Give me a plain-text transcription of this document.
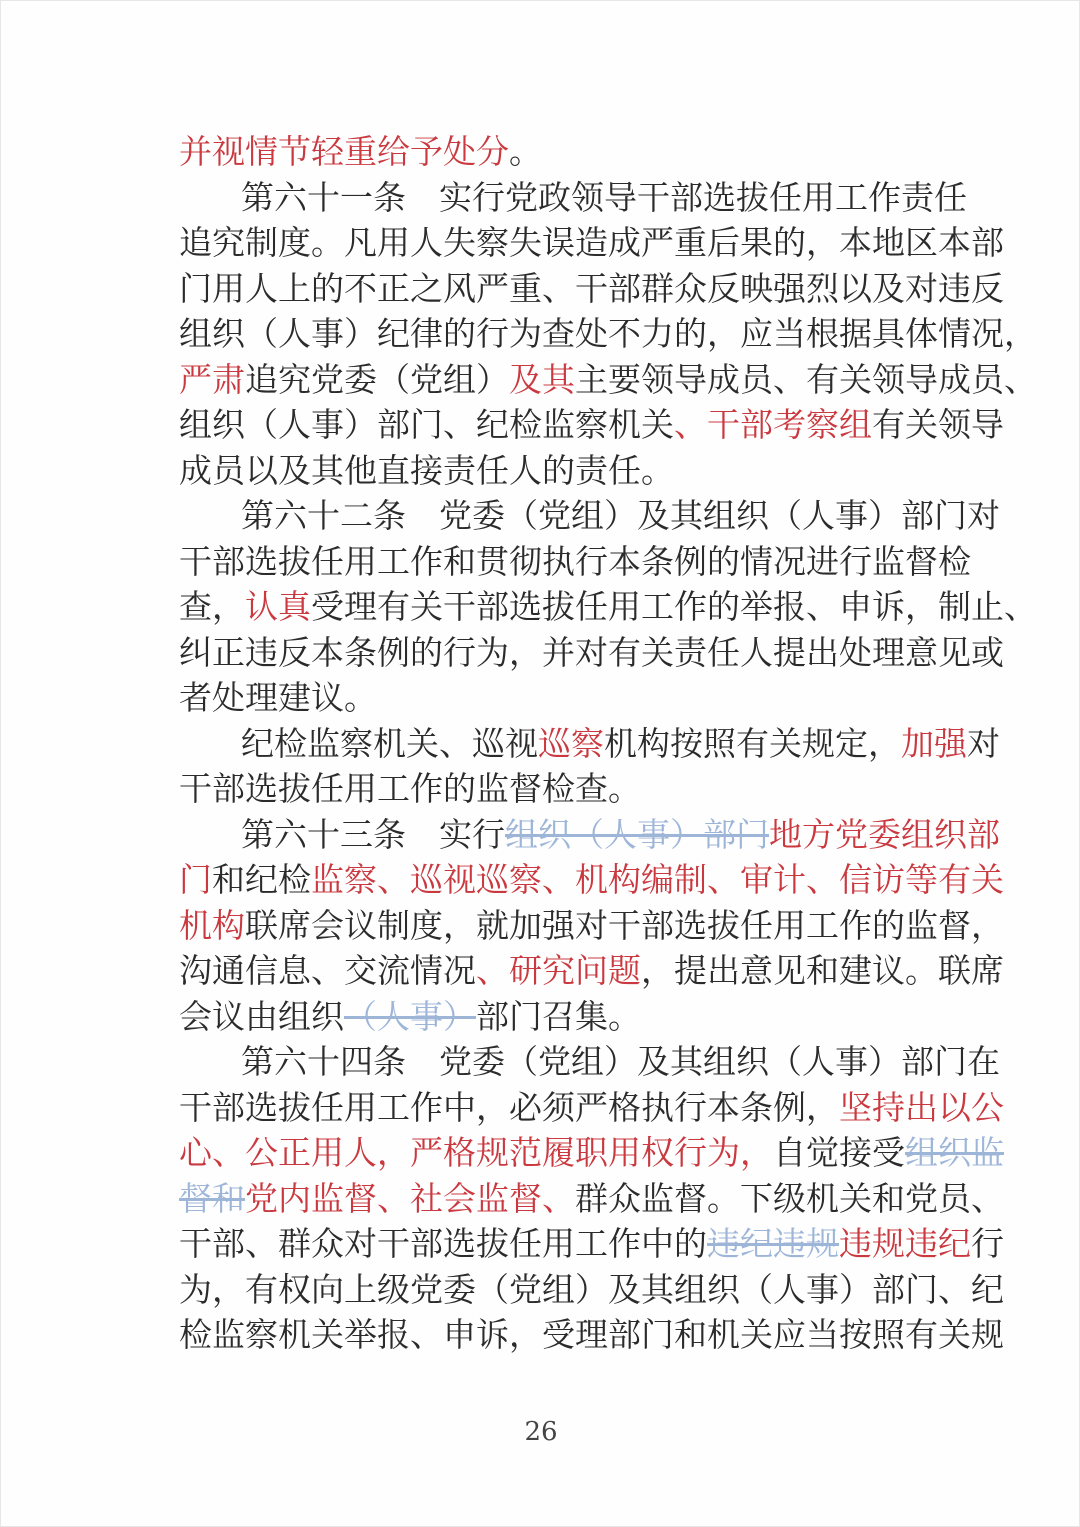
并视情节轻重给予处分。
第六十一条　实行党政领导干部选拔任用工作责任
追究制度。凡用人失察失误造成严重后果的，本地区本部
门用人上的不正之风严重、干部群众反映强烈以及对违反
组织（人事）纪律的行为查处不力的，应当根据具体情况，
严肃追究党委（党组）及其主要领导成员、有关领导成员、
组织（人事）部门、纪检监察机关、干部考察组有关领导
成员以及其他直接责任人的责任。
第六十二条　党委（党组）及其组织（人事）部门对
干部选拔任用工作和贯彻执行本条例的情况进行监督检
查，认真受理有关干部选拔任用工作的举报、申诉，制止、
纠正违反本条例的行为，并对有关责任人提出处理意见或
者处理建议。
纪检监察机关、巡视巡察机构按照有关规定，加强对
干部选拔任用工作的监督检查。
第六十三条　实行组织（人事）部门地方党委组织部
门和纪检监察、巡视巡察、机构编制、审计、信访等有关
机构联席会议制度，就加强对干部选拔任用工作的监督，
沟通信息、交流情况、研究问题，提出意见和建议。联席
会议由组织（人事）部门召集。
第六十四条　党委（党组）及其组织（人事）部门在
干部选拔任用工作中，必须严格执行本条例，坚持出以公
心、公正用人，严格规范履职用权行为，自觉接受组织监
督和党内监督、社会监督、群众监督。下级机关和党员、
干部、群众对干部选拔任用工作中的违纪违规违规违纪行
为，有权向上级党委（党组）及其组织（人事）部门、纪
检监察机关举报、申诉，受理部门和机关应当按照有关规
26
